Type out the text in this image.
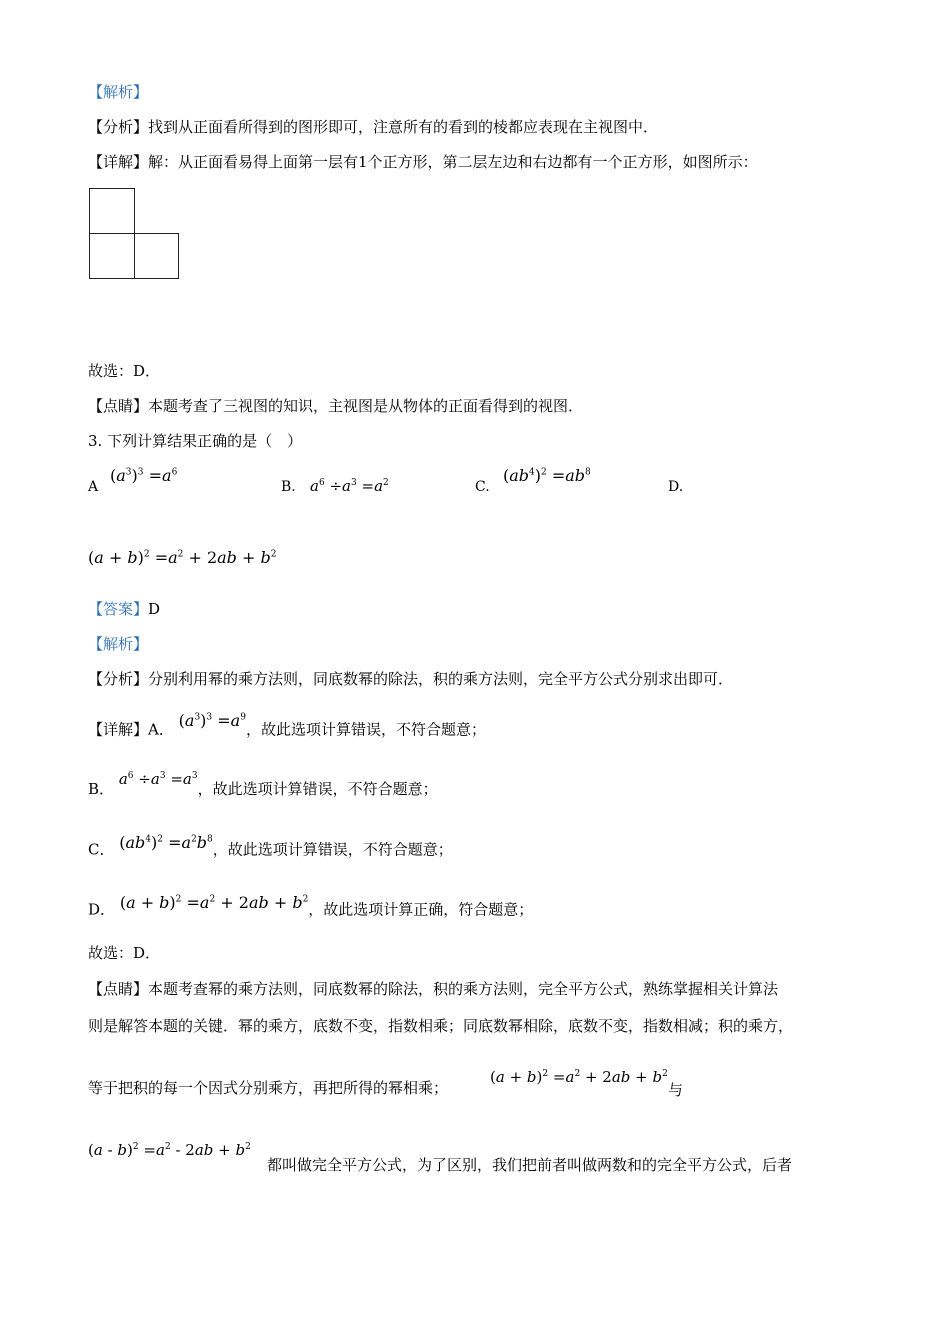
【解析】
【分析】找到从正面看所得到的图形即可，注意所有的看到的棱都应表现在主视图中．
【详解】解：从正面看易得上面第一层有1个正方形，第二层左边和右边都有一个正方形，如图所示：
故选：D．
【点睛】本题考查了三视图的知识，主视图是从物体的正面看得到的视图．
3. 下列计算结果正确的是（　）
A
$(a^3)^3 =a^6$
B. $a^6 \div a^3 =a^2$	C.
$(ab^4)^2 =ab^8$
D.
$(a + b)^2 =a^2 + 2ab + b^2$
【答案】D
【解析】
【分析】分别利用幂的乘方法则，同底数幂的除法，积的乘方法则，完全平方公式分别求出即可．
【详解】A． $(a^3)^3 =a^9$，故此选项计算错误，不符合题意；
B． $a^6 \div a^3 =a^3$，故此选项计算错误，不符合题意；
C． $(ab^4)^2 =a^2b^8$，故此选项计算错误，不符合题意；
D． $(a + b)^2 =a^2 + 2ab + b^2$，故此选项计算正确，符合题意；
故选：D．
【点睛】本题考查幂的乘方法则，同底数幂的除法，积的乘方法则，完全平方公式，熟练掌握相关计算法
则是解答本题的关键．幂的乘方，底数不变，指数相乘；同底数幂相除，底数不变，指数相减；积的乘方，
等于把积的每一个因式分别乘方，再把所得的幂相乘；
$(a + b)^2 =a^2 + 2ab + b^2$
与
$(a - b)^2 =a^2 - 2ab + b^2$
都叫做完全平方公式，为了区别，我们把前者叫做两数和的完全平方公式，后者
